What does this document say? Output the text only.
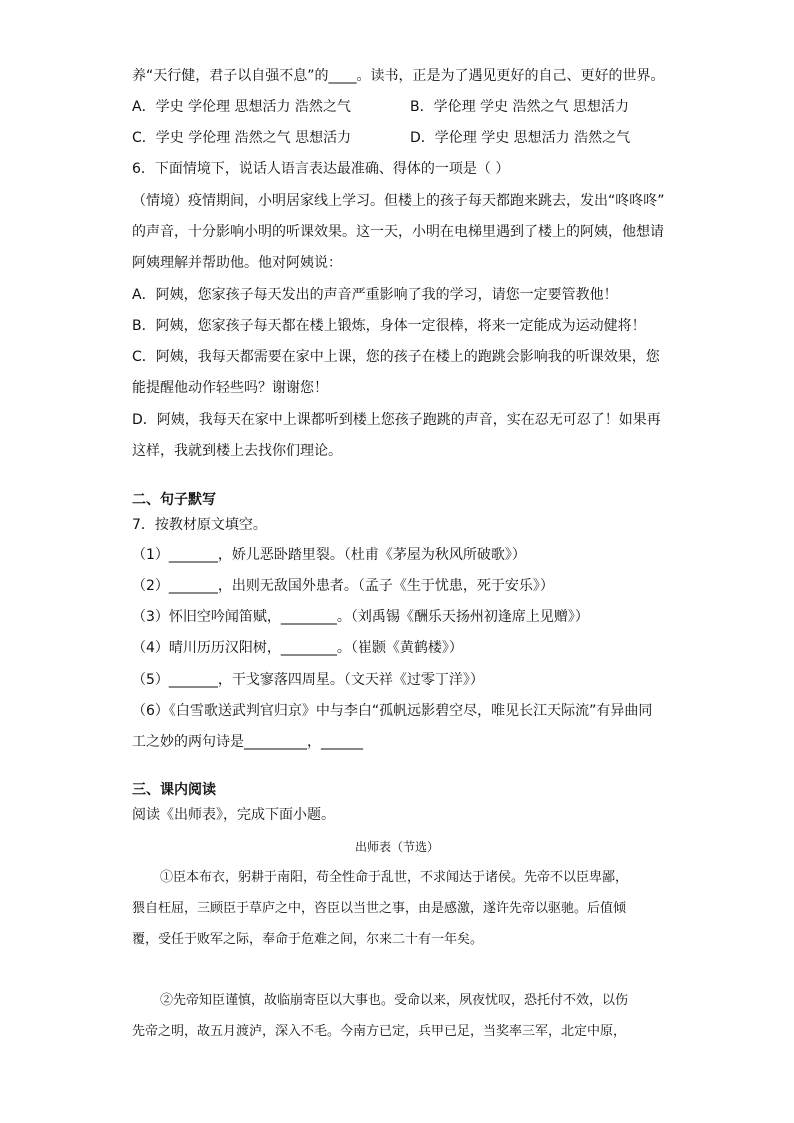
养“天行健，君子以自强不息”的____。读书，正是为了遇见更好的自己、更好的世界。
A．学史 学伦理 思想活力 浩然之气	B．学伦理 学史 浩然之气 思想活力
C．学史 学伦理 浩然之气 思想活力	D．学伦理 学史 思想活力 浩然之气
6．下面情境下，说话人语言表达最准确、得体的一项是（ ）
（情境）疫情期间，小明居家线上学习。但楼上的孩子每天都跑来跳去，发出“咚咚咚”
的声音，十分影响小明的听课效果。这一天，小明在电梯里遇到了楼上的阿姨，他想请
阿姨理解并帮助他。他对阿姨说：
A．阿姨，您家孩子每天发出的声音严重影响了我的学习，请您一定要管教他！
B．阿姨，您家孩子每天都在楼上锻炼，身体一定很棒，将来一定能成为运动健将！
C．阿姨，我每天都需要在家中上课，您的孩子在楼上的跑跳会影响我的听课效果，您
能提醒他动作轻些吗？谢谢您！
D．阿姨，我每天在家中上课都听到楼上您孩子跑跳的声音，实在忍无可忍了！如果再
这样，我就到楼上去找你们理论。
二、句子默写
7．按教材原文填空。
（1）_______，娇儿恶卧踏里裂。（杜甫《茅屋为秋风所破歌》）
（2）_______，出则无敌国外患者。（孟子《生于忧患，死于安乐》）
（3）怀旧空吟闻笛赋，________。（刘禹锡《酬乐天扬州初逢席上见赠》）
（4）晴川历历汉阳树，________。（崔颢《黄鹤楼》）
（5）_______，干戈寥落四周星。（文天祥《过零丁洋》）
（6）《白雪歌送武判官归京》中与李白“孤帆远影碧空尽，唯见长江天际流”有异曲同
工之妙的两句诗是_________，______
三、课内阅读
阅读《出师表》，完成下面小题。
出师表（节选）
①臣本布衣，躬耕于南阳，苟全性命于乱世，不求闻达于诸侯。先帝不以臣卑鄙，
猥自枉屈，三顾臣于草庐之中，咨臣以当世之事，由是感激，遂许先帝以驱驰。后值倾
覆，受任于败军之际，奉命于危难之间，尔来二十有一年矣。
②先帝知臣谨慎，故临崩寄臣以大事也。受命以来，夙夜忧叹，恐托付不效，以伤
先帝之明，故五月渡泸，深入不毛。今南方已定，兵甲已足，当奖率三军，北定中原，
